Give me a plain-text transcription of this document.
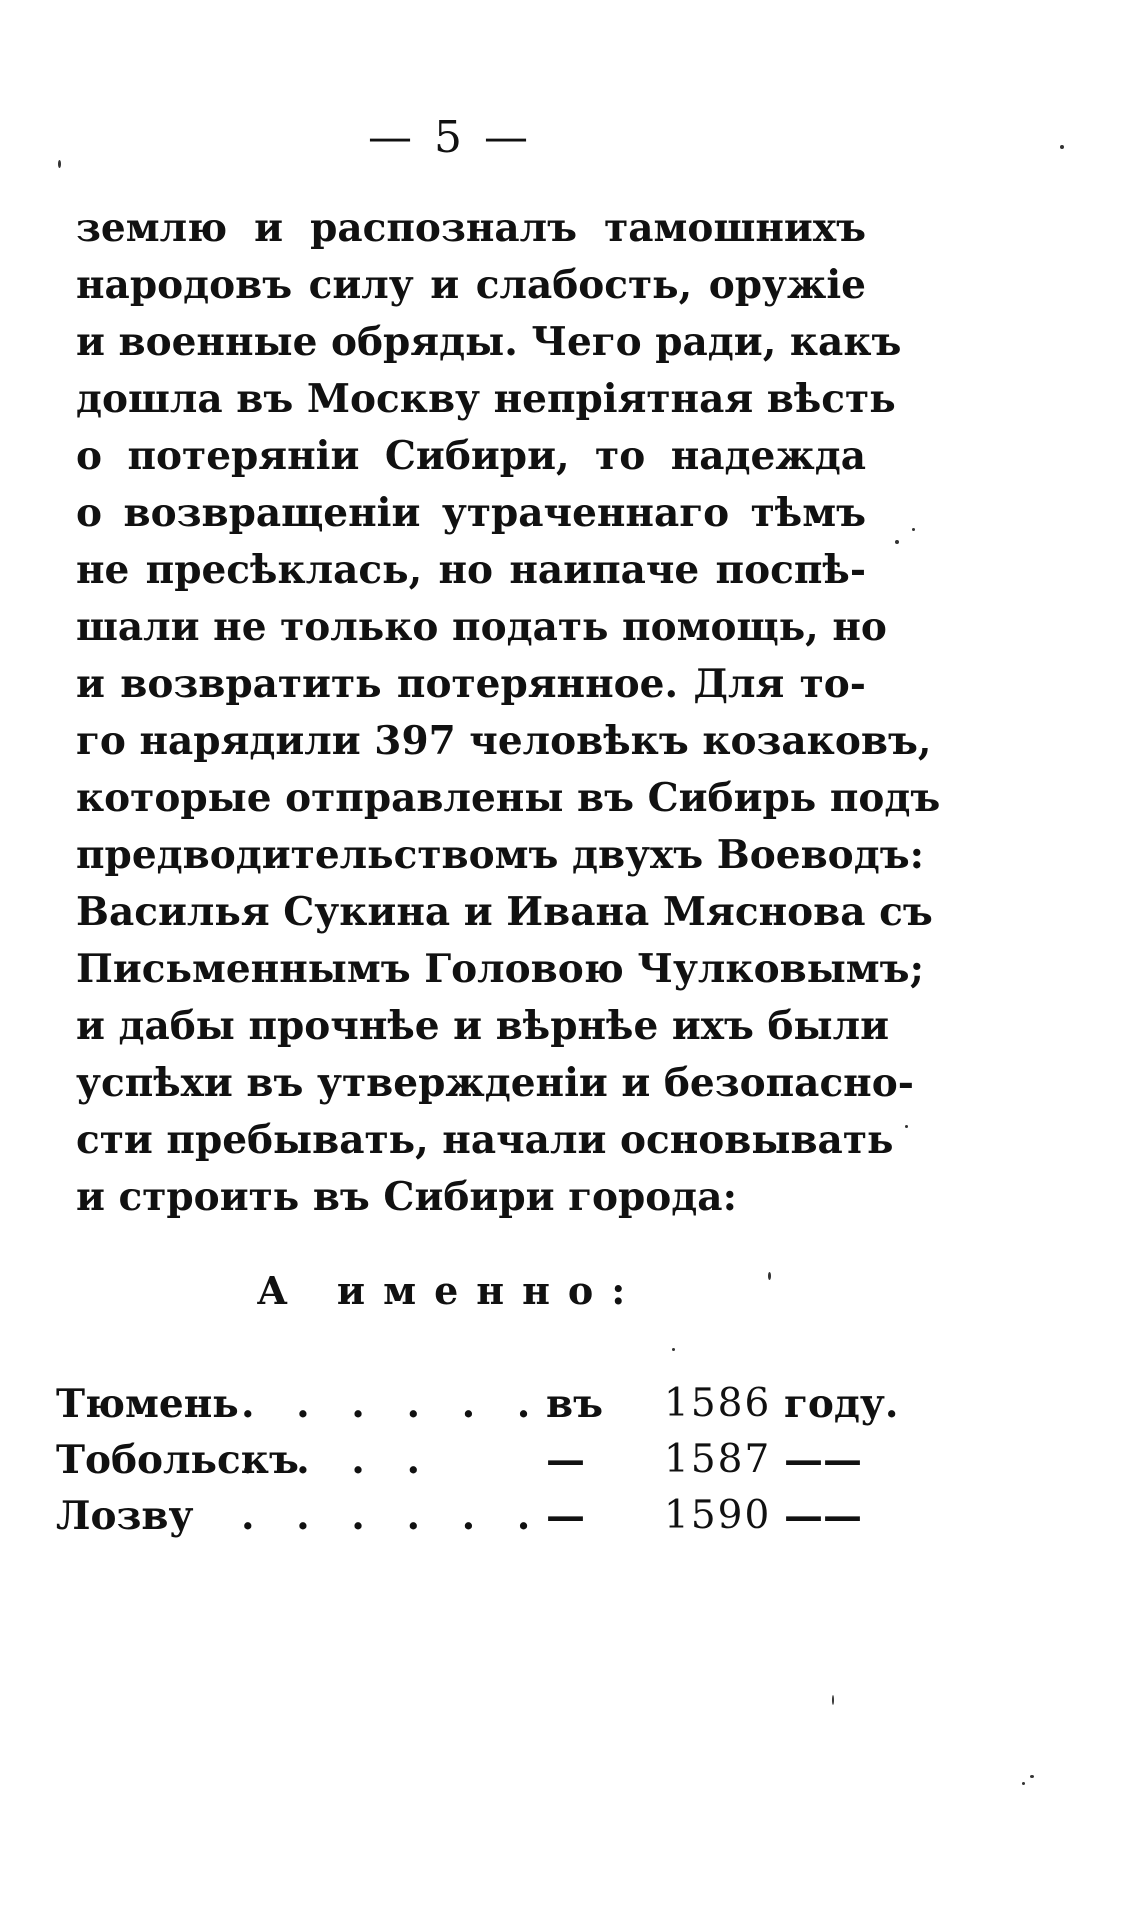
— 5 —
землю и распозналъ тамошнихъ
народовъ силу и слабость, оружіе
и военные обряды. Чего ради, какъ
дошла въ Москву непріятная вѣсть
о потеряніи Сибири, то надежда
о возвращеніи утраченнаго тѣмъ
не пресѣклась, но наипаче поспѣ-
шали не только подать помощь, но
и возвратить потерянное. Для то-
го нарядили 397 человѣкъ козаковъ,
которые отправлены въ Сибирь подъ
предводительствомъ двухъ Воеводъ:
Василья Сукина и Ивана Мяснова съ
Письменнымъ Головою Чулковымъ;
и дабы прочнѣе и вѣрнѣе ихъ были
успѣхи въ утвержденіи и безопасно-
сти пребывать, начали основывать
и строить въ Сибири города:
А именно:
Тюмень . . . . . . въ 1586 году.
Тобольскъ
. . . .	— 1587 ——
Лозву . . . . . . — 1590 ——
